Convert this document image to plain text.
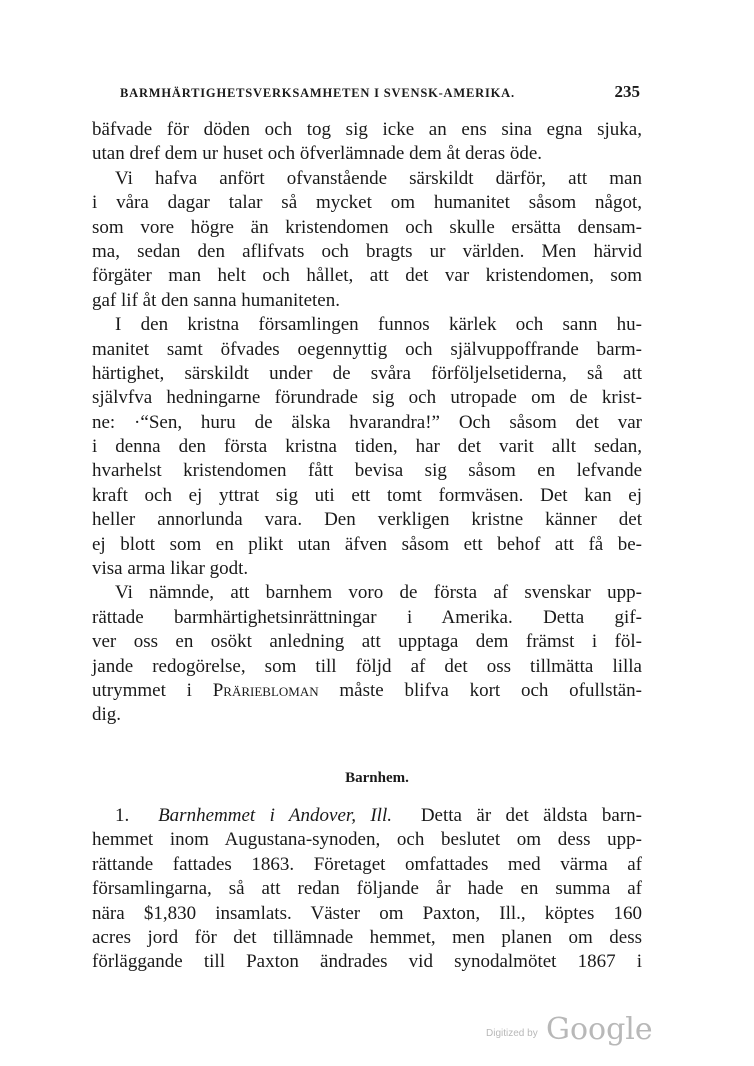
BARMHÄRTIGHETSVERKSAMHETEN I SVENSK-AMERIKA.	235
bäfvade för döden och tog sig icke an ens sina egna sjuka,
utan dref dem ur huset och öfverlämnade dem åt deras öde.
Vi hafva anfört ofvanstående särskildt därför, att man
i våra dagar talar så mycket om humanitet såsom något,
som vore högre än kristendomen och skulle ersätta densam-
ma, sedan den aflifvats och bragts ur världen. Men härvid
förgäter man helt och hållet, att det var kristendomen, som
gaf lif åt den sanna humaniteten.
I den kristna församlingen funnos kärlek och sann hu-
manitet samt öfvades oegennyttig och självuppoffrande barm-
härtighet, särskildt under de svåra förföljelsetiderna, så att
självfva hedningarne förundrade sig och utropade om de krist-
ne: ·“Sen, huru de älska hvarandra!” Och såsom det var
i denna den första kristna tiden, har det varit allt sedan,
hvarhelst kristendomen fått bevisa sig såsom en lefvande
kraft och ej yttrat sig uti ett tomt formväsen. Det kan ej
heller annorlunda vara. Den verkligen kristne känner det
ej blott som en plikt utan äfven såsom ett behof att få be-
visa arma likar godt.
Vi nämnde, att barnhem voro de första af svenskar upp-
rättade barmhärtighetsinrättningar i Amerika. Detta gif-
ver oss en osökt anledning att upptaga dem främst i föl-
jande redogörelse, som till följd af det oss tillmätta lilla
utrymmet i Präriebloman måste blifva kort och ofullstän-
dig.
Barnhem.
1. Barnhemmet i Andover, Ill. Detta är det äldsta barn-
hemmet inom Augustana-synoden, och beslutet om dess upp-
rättande fattades 1863. Företaget omfattades med värma af
församlingarna, så att redan följande år hade en summa af
nära $1,830 insamlats. Väster om Paxton, Ill., köptes 160
acres jord för det tillämnade hemmet, men planen om dess
förläggande till Paxton ändrades vid synodalmötet 1867 i
Digitized by Google
